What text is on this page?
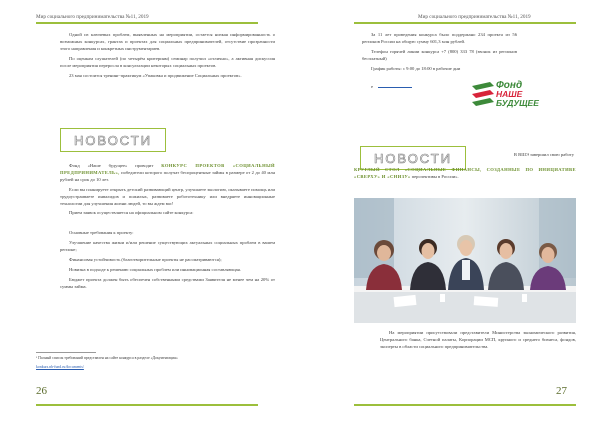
Мир социального предпринимательства №11, 2019

Одной из ключевых проблем, выявленных на мероприятии, остается низкая информированность о возможных конкурсах, грантах и проектах для социальных предпринимателей, отсутствие прозрачности этого направления и конкретных инструментариев.

По оценкам слушателей (по четырём критериям) семинар получил «отлично», а активная дискуссия после мероприятия переросла в консультации некоторых социальных проектов.

23 мая состоится тренинг-практикум «Упаковка и продвижение Социальных проектов».

НОВОСТИ

Фонд «Наше будущее» проводит КОНКУРС ПРОЕКТОВ «СОЦИАЛЬНЫЙ ПРЕДПРИНИМАТЕЛЬ», победители которого получат беспроцентные займы в размере от 2 до 40 млн рублей на срок до 10 лет.

Если вы планируете открыть детский развивающий центр, улучшаете экологию, оказываете помощь или трудоустраиваете инвалидов и пожилых, развиваете робототехнику или внедряете инновационные технологии для улучшения жизни людей, то вы ждем вас!

Прием заявок осуществляется на официальном сайте конкурса:

Основные требования к проекту:

Улучшение качества жизни и/или решение существующих актуальных социальных проблем в вашем регионе;

Финансовая устойчивость (благотворительные проекты не рассматриваются);

Новизна в подходе к решению социальных проблем или инновационная составляющая.

Бюджет проекта должен быть обеспечен собственными средствами Заявителя не менее чем на 20% от суммы займа.

¹ Полный список требований представлен на сайте конкурса в разделе «Документация»

konkurs.nb-fund.ru/documents/

26
Мир социального предпринимательства №11, 2019

За 11 лет проведения конкурса было поддержано 234 проекта из 56 регионов России на общую сумму 601,3 млн рублей.

Телефон горячей линии конкурса +7 (800) 333 78 (звонок из регионов бесплатный)

График работы: с 9:00 до 18:00 в рабочие дни

e	Фонд
НАШЕ
БУДУЩЕЕ
НОВОСТИ	В ВШЭ завершил свою работу

КРУГЛЫЙ СТОЛ «СОЦИАЛЬНЫЕ ФИНАНСЫ, СОЗДАННЫЕ ПО ИНИЦИАТИВЕ «СВЕРХУ» И «СНИЗУ» перспективы в России».

На мероприятии присутствовали представители Министерства экономического развития, Центрального банка, Счетной палаты, Корпорации МСП, крупного и среднего бизнеса, фондов, эксперты в области социального предпринимательства.

27
